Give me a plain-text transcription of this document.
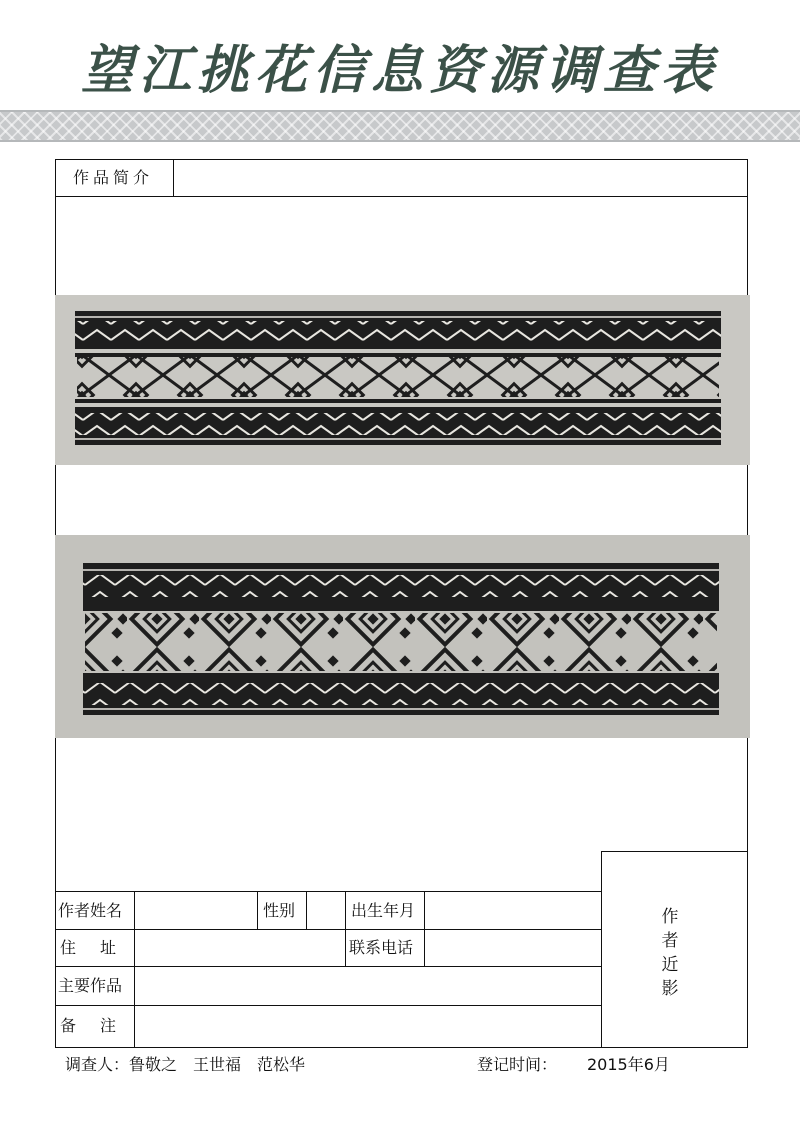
望江挑花信息资源调查表
作品简介
作者姓名	性别	出生年月
住　址	联系电话
主要作品
备　注
作者近影
调查人：鲁敬之　王世福　范松华	登记时间： 2015年6月
